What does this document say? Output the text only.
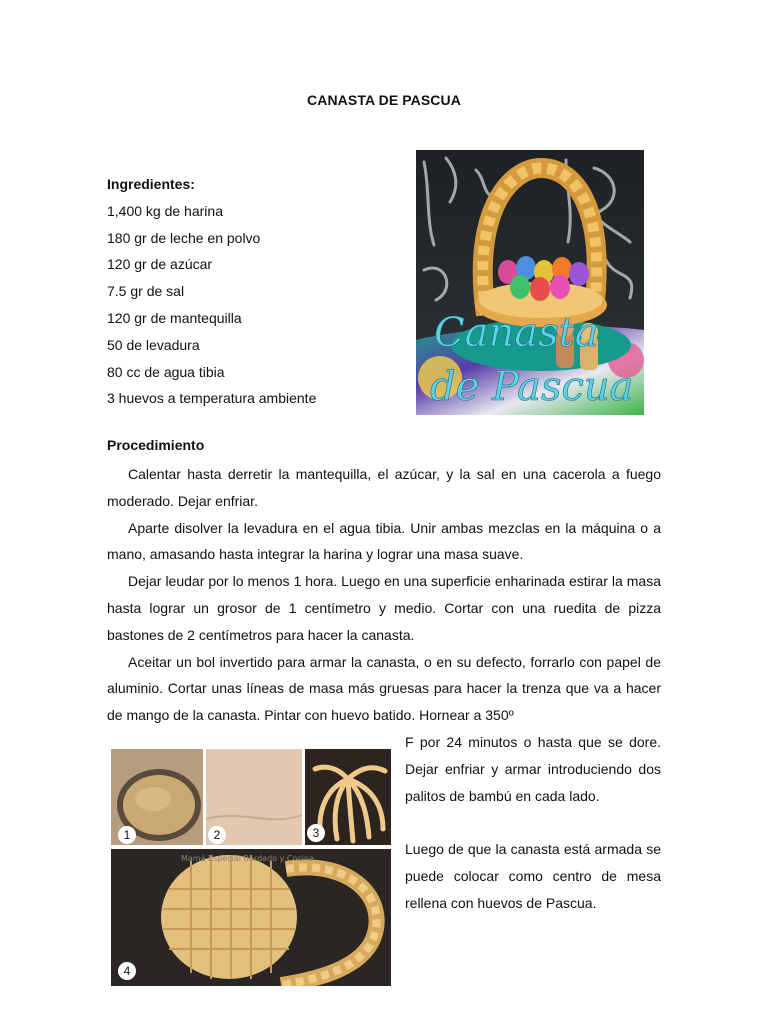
CANASTA DE PASCUA
Ingredientes:
1,400 kg de harina
180 gr de leche en polvo
120 gr de azúcar
7.5 gr de sal
120 gr de mantequilla
50 de levadura
80 cc de agua tibia
3 huevos a temperatura ambiente
Canasta
de Pascua
Procedimiento

Calentar hasta derretir la mantequilla, el azúcar, y la sal en una cacerola a fuego moderado. Dejar enfriar.

Aparte disolver la levadura en el agua tibia. Unir ambas mezclas en la máquina o a mano, amasando hasta integrar la harina y lograr una masa suave.

Dejar leudar por lo menos 1 hora. Luego en una superficie enharinada estirar la masa hasta lograr un grosor de 1 centímetro y medio. Cortar con una ruedita de pizza bastones de 2 centímetros para hacer la canasta.

Aceitar un bol invertido para armar la canasta, o en su defecto, forrarlo con papel de aluminio. Cortar unas líneas de masa más gruesas para hacer la trenza que va a hacer de mango de la canasta. Pintar con huevo batido. Hornear a 350º

F por 24 minutos o hasta que se dore. Dejar enfriar y armar introduciendo dos palitos de bambú en cada lado.

Luego de que la canasta está armada se puede colocar como centro de mesa rellena con huevos de Pascua.

Mamá Especial Bordado y Cocina
1	2	3
4
